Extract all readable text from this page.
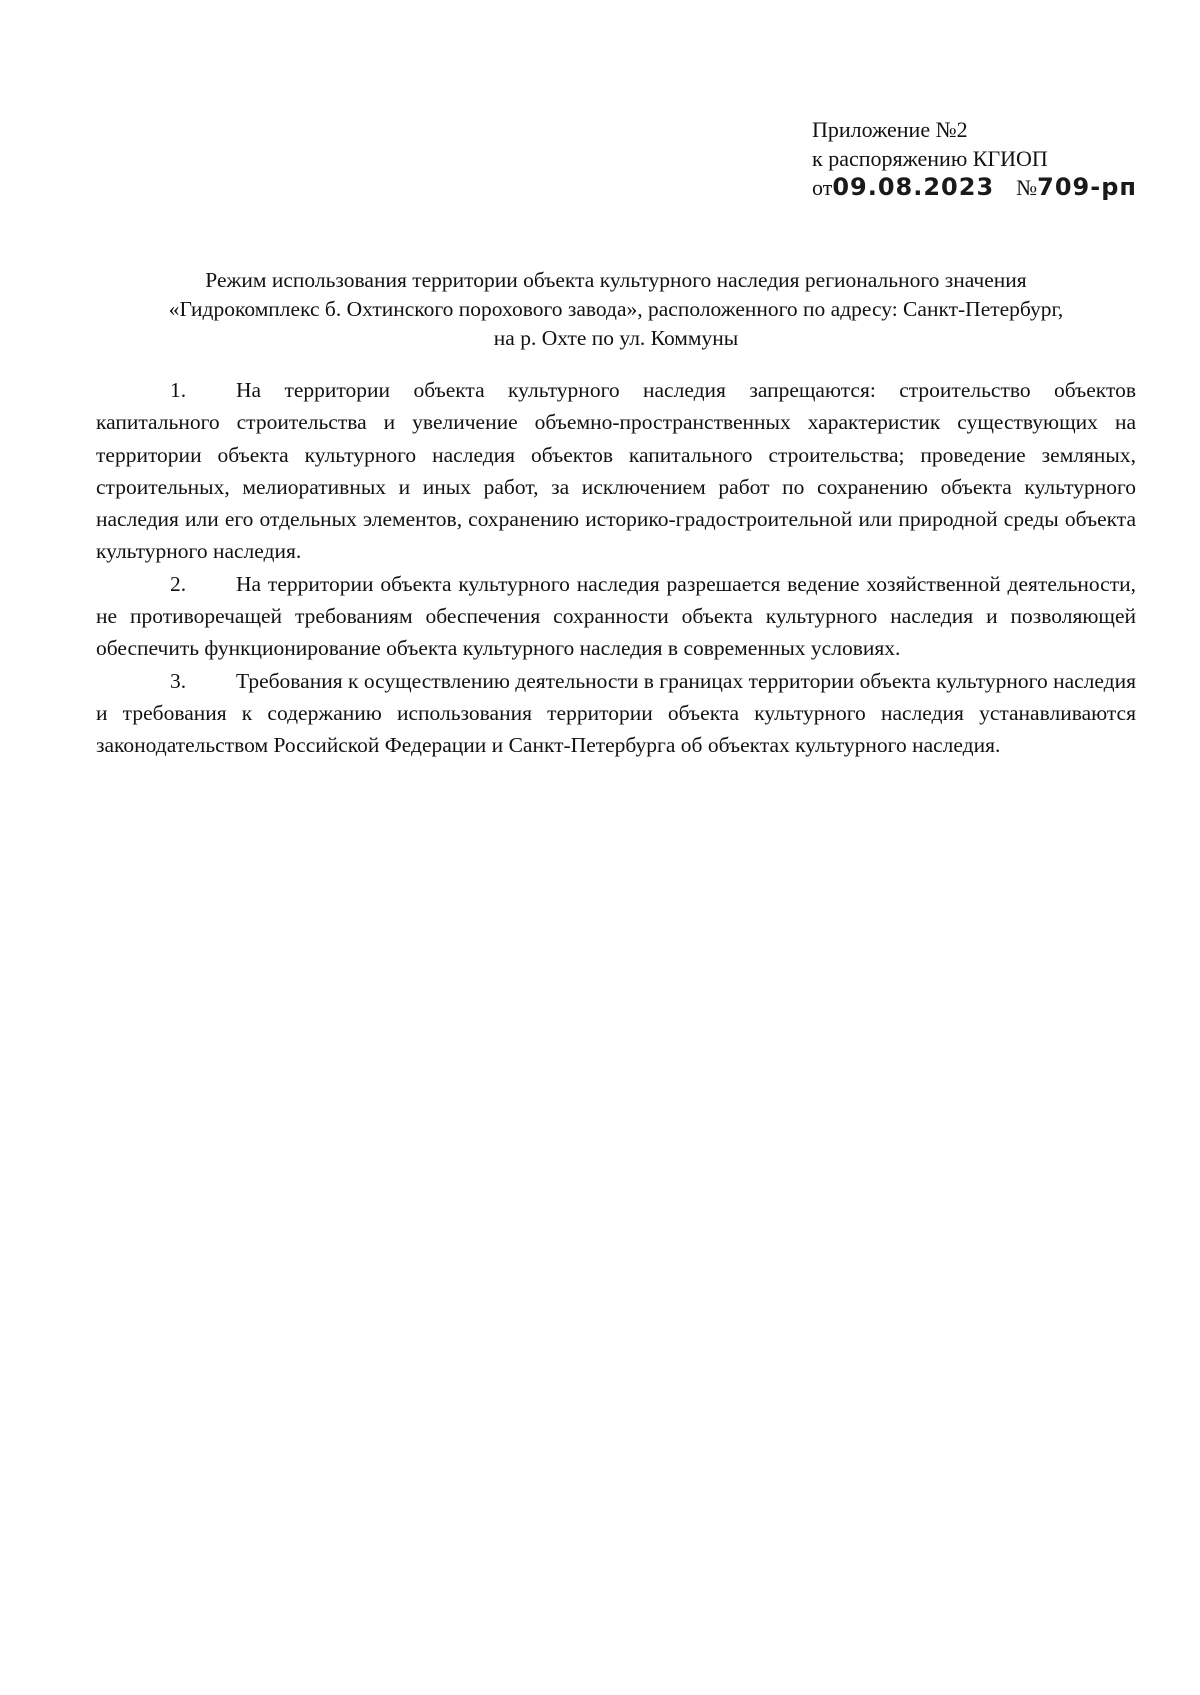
Приложение №2
к распоряжению КГИОП
от09.08.2023 №709-рп
Режим использования территории объекта культурного наследия регионального значения
«Гидрокомплекс б. Охтинского порохового завода», расположенного по адресу: Санкт-Петербург,
на р. Охте по ул. Коммуны

1. На территории объекта культурного наследия запрещаются: строительство объектов капитального строительства и увеличение объемно-пространственных характеристик существующих на территории объекта культурного наследия объектов капитального строительства; проведение земляных, строительных, мелиоративных и иных работ, за исключением работ по сохранению объекта культурного наследия или его отдельных элементов, сохранению историко-градостроительной или природной среды объекта культурного наследия.

2. На территории объекта культурного наследия разрешается ведение хозяйственной деятельности, не противоречащей требованиям обеспечения сохранности объекта культурного наследия и позволяющей обеспечить функционирование объекта культурного наследия в современных условиях.

3. Требования к осуществлению деятельности в границах территории объекта культурного наследия и требования к содержанию использования территории объекта культурного наследия устанавливаются законодательством Российской Федерации и Санкт-Петербурга об объектах культурного наследия.
